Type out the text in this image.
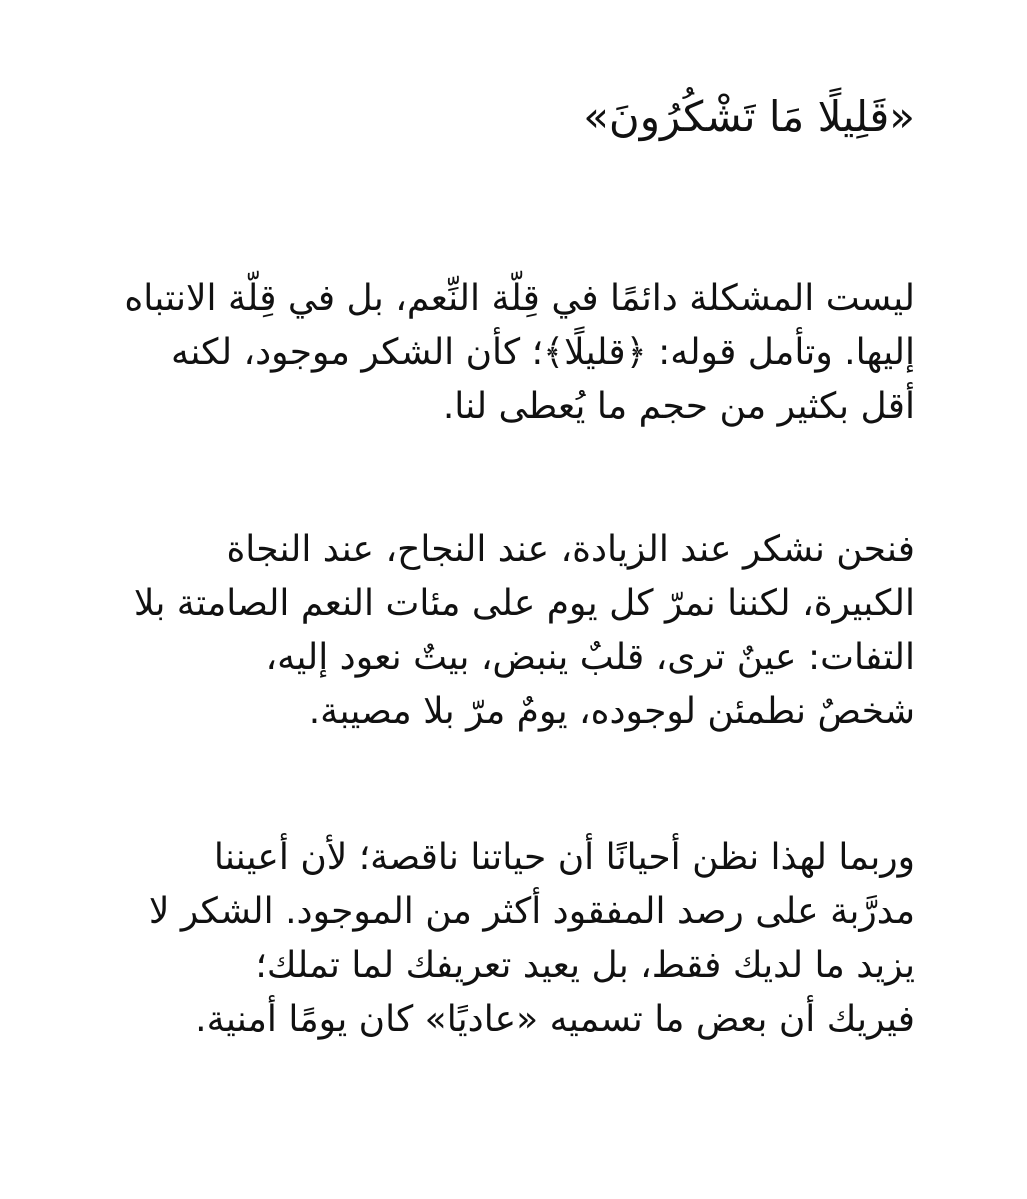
«قَلِيلًا مَا تَشْكُرُونَ»

ليست المشكلة دائمًا في قِلّة النِّعم، بل في قِلّة الانتباه
إليها. وتأمل قوله: ﴿قليلًا﴾؛ كأن الشكر موجود، لكنه
أقل بكثير من حجم ما يُعطى لنا.

فنحن نشكر عند الزيادة، عند النجاح، عند النجاة
الكبيرة، لكننا نمرّ كل يوم على مئات النعم الصامتة بلا
التفات: عينٌ ترى، قلبٌ ينبض، بيتٌ نعود إليه،
شخصٌ نطمئن لوجوده، يومٌ مرّ بلا مصيبة.

وربما لهذا نظن أحيانًا أن حياتنا ناقصة؛ لأن أعيننا
مدرَّبة على رصد المفقود أكثر من الموجود. الشكر لا
يزيد ما لديك فقط، بل يعيد تعريفك لما تملك؛
فيريك أن بعض ما تسميه «عاديًا» كان يومًا أمنية.
